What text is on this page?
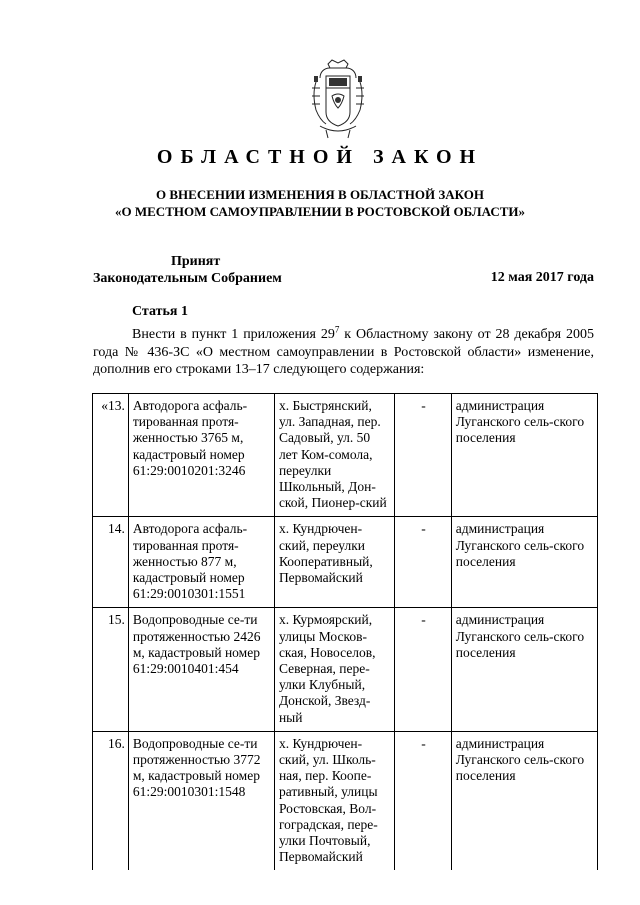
ОБЛАСТНОЙ ЗАКОН
О ВНЕСЕНИИ ИЗМЕНЕНИЯ В ОБЛАСТНОЙ ЗАКОН
«О МЕСТНОМ САМОУПРАВЛЕНИИ В РОСТОВСКОЙ ОБЛАСТИ»
Принят
Законодательным Собранием	12 мая 2017 года
Статья 1
Внести в пункт 1 приложения $29^7$ к Областному закону от 28 декабря 2005 года № 436-ЗС «О местном самоуправлении в Ростовской области» изменение, дополнив его строками 13–17 следующего содержания:
«13.	Автодорога асфаль-тированная протя-женностью 3765 м, кадастровый номер 61:29:0010201:3246	х. Быстрянский, ул. Западная, пер. Садовый, ул. 50 лет Ком-сомола, переулки Школьный, Дон-ской, Пионер-ский	-	администрация Луганского сель-ского поселения
14.	Автодорога асфаль-тированная протя-женностью 877 м, кадастровый номер 61:29:0010301:1551	х. Кундрючен-ский, переулки Кооперативный, Первомайский	-	администрация Луганского сель-ского поселения
15.	Водопроводные се-ти протяженностью 2426 м, кадастровый номер 61:29:0010401:454	х. Курмоярский, улицы Москов-ская, Новоселов, Северная, пере-улки Клубный, Донской, Звезд-ный	-	администрация Луганского сель-ского поселения
16.	Водопроводные се-ти протяженностью 3772 м, кадастровый номер 61:29:0010301:1548	х. Кундрючен-ский, ул. Школь-ная, пер. Коопе-ративный, улицы Ростовская, Вол-гоградская, пере-улки Почтовый, Первомайский	-	администрация Луганского сель-ского поселения
